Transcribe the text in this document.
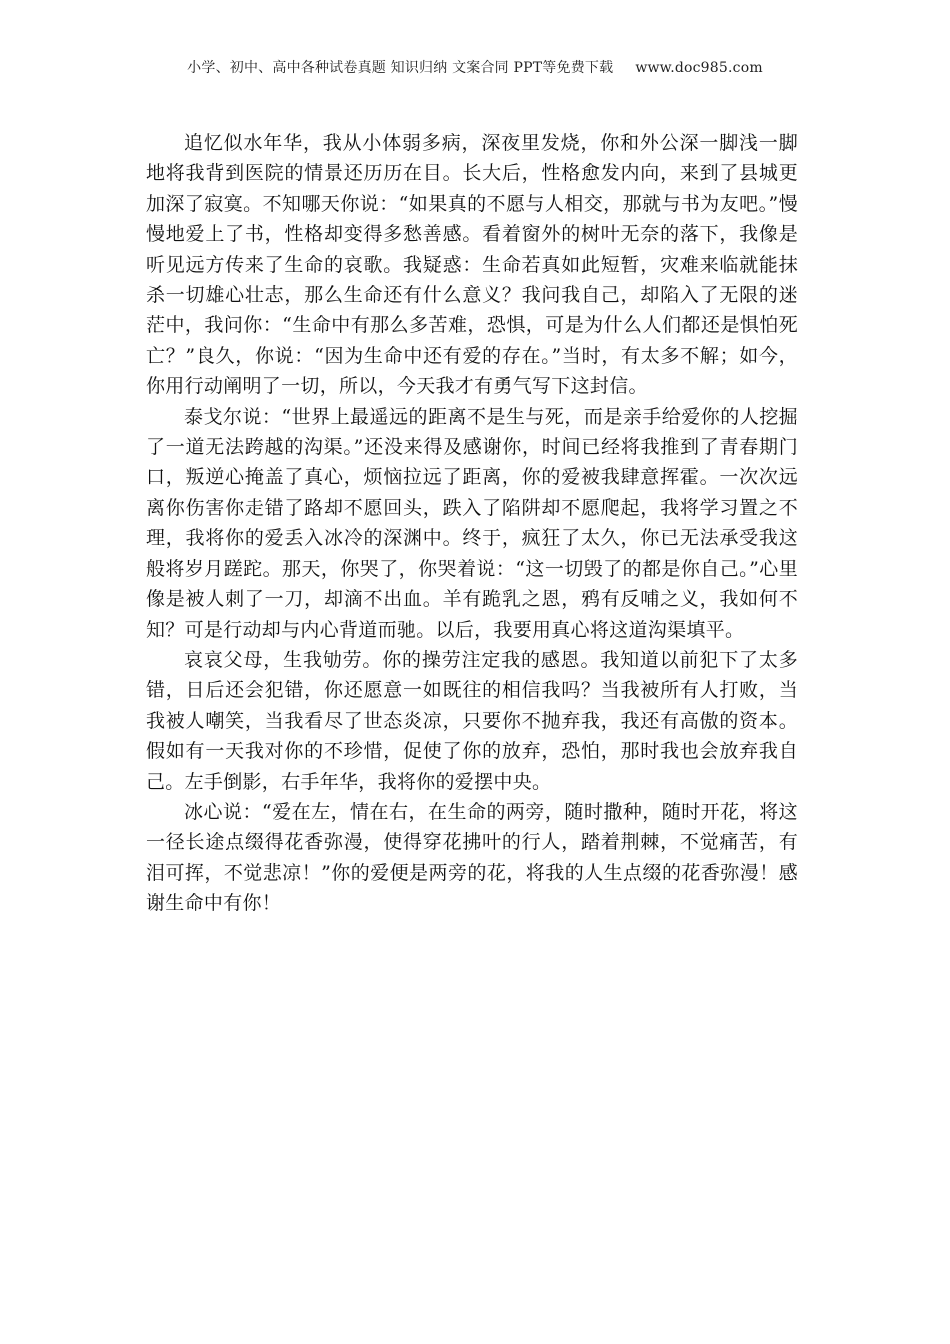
小学、初中、高中各种试卷真题 知识归纳 文案合同 PPT等免费下载 www.doc985.com

追忆似水年华，我从小体弱多病，深夜里发烧，你和外公深一脚浅一脚地将我背到医院的情景还历历在目。长大后，性格愈发内向，来到了县城更加深了寂寞。不知哪天你说：“如果真的不愿与人相交，那就与书为友吧。”慢慢地爱上了书，性格却变得多愁善感。看着窗外的树叶无奈的落下，我像是听见远方传来了生命的哀歌。我疑惑：生命若真如此短暂，灾难来临就能抹杀一切雄心壮志，那么生命还有什么意义？我问我自己，却陷入了无限的迷茫中，我问你：“生命中有那么多苦难，恐惧，可是为什么人们都还是惧怕死亡？”良久，你说：“因为生命中还有爱的存在。”当时，有太多不解；如今，你用行动阐明了一切，所以，今天我才有勇气写下这封信。

泰戈尔说：“世界上最遥远的距离不是生与死，而是亲手给爱你的人挖掘了一道无法跨越的沟渠。”还没来得及感谢你，时间已经将我推到了青春期门口，叛逆心掩盖了真心，烦恼拉远了距离，你的爱被我肆意挥霍。一次次远离你伤害你走错了路却不愿回头，跌入了陷阱却不愿爬起，我将学习置之不理，我将你的爱丢入冰冷的深渊中。终于，疯狂了太久，你已无法承受我这般将岁月蹉跎。那天，你哭了，你哭着说：“这一切毁了的都是你自己。”心里像是被人刺了一刀，却滴不出血。羊有跪乳之恩，鸦有反哺之义，我如何不知？可是行动却与内心背道而驰。以后，我要用真心将这道沟渠填平。

哀哀父母，生我劬劳。你的操劳注定我的感恩。我知道以前犯下了太多错，日后还会犯错，你还愿意一如既往的相信我吗？当我被所有人打败，当我被人嘲笑，当我看尽了世态炎凉，只要你不抛弃我，我还有高傲的资本。假如有一天我对你的不珍惜，促使了你的放弃，恐怕，那时我也会放弃我自己。左手倒影，右手年华，我将你的爱摆中央。

冰心说：“爱在左，情在右，在生命的两旁，随时撒种，随时开花，将这一径长途点缀得花香弥漫，使得穿花拂叶的行人，踏着荆棘，不觉痛苦，有泪可挥，不觉悲凉！”你的爱便是两旁的花，将我的人生点缀的花香弥漫！感谢生命中有你！
